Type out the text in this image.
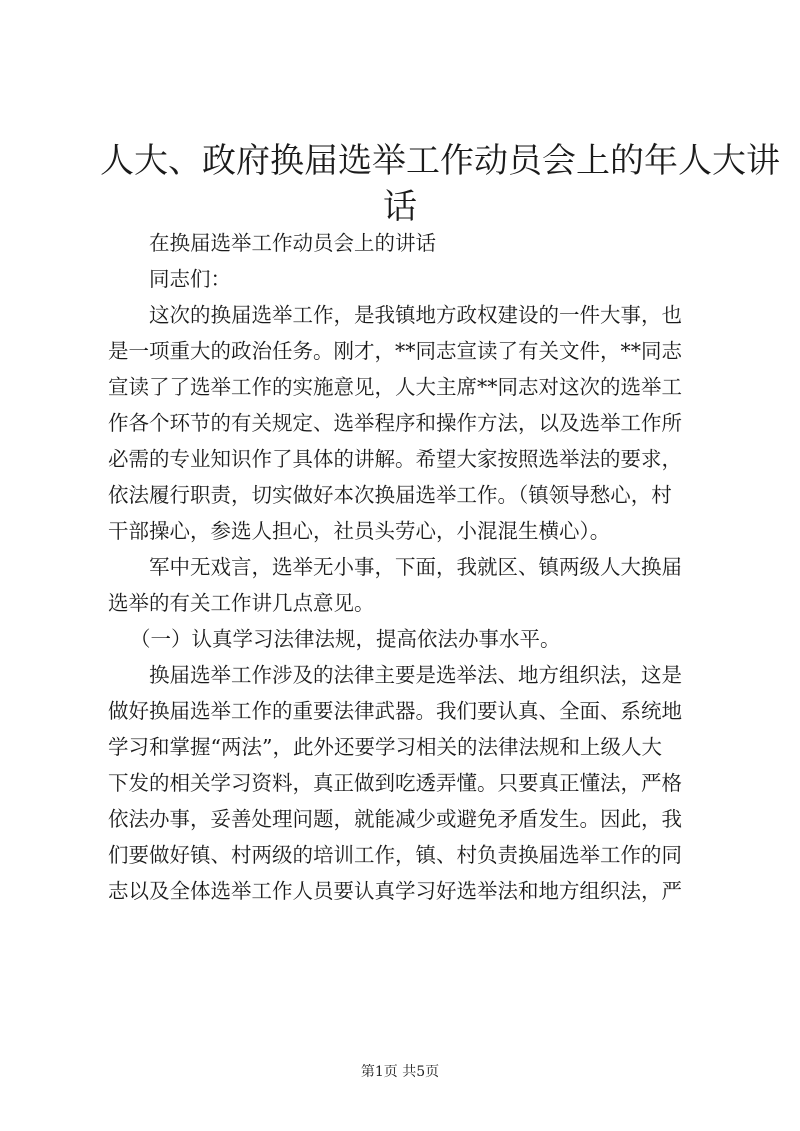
人大、政府换届选举工作动员会上的年人大讲
话

在换届选举工作动员会上的讲话

同志们：

这次的换届选举工作，是我镇地方政权建设的一件大事，也
是一项重大的政治任务。刚才，**同志宣读了有关文件，**同志
宣读了了选举工作的实施意见，人大主席**同志对这次的选举工
作各个环节的有关规定、选举程序和操作方法，以及选举工作所
必需的专业知识作了具体的讲解。希望大家按照选举法的要求，
依法履行职责，切实做好本次换届选举工作。（镇领导愁心，村
干部操心，参选人担心，社员头劳心，小混混生横心）。

军中无戏言，选举无小事，下面，我就区、镇两级人大换届
选举的有关工作讲几点意见。

（一）认真学习法律法规，提高依法办事水平。

换届选举工作涉及的法律主要是选举法、地方组织法，这是
做好换届选举工作的重要法律武器。我们要认真、全面、系统地
学习和掌握“两法”，此外还要学习相关的法律法规和上级人大
下发的相关学习资料，真正做到吃透弄懂。只要真正懂法，严格
依法办事，妥善处理问题，就能减少或避免矛盾发生。因此，我
们要做好镇、村两级的培训工作，镇、村负责换届选举工作的同
志以及全体选举工作人员要认真学习好选举法和地方组织法，严

第1页 共5页
